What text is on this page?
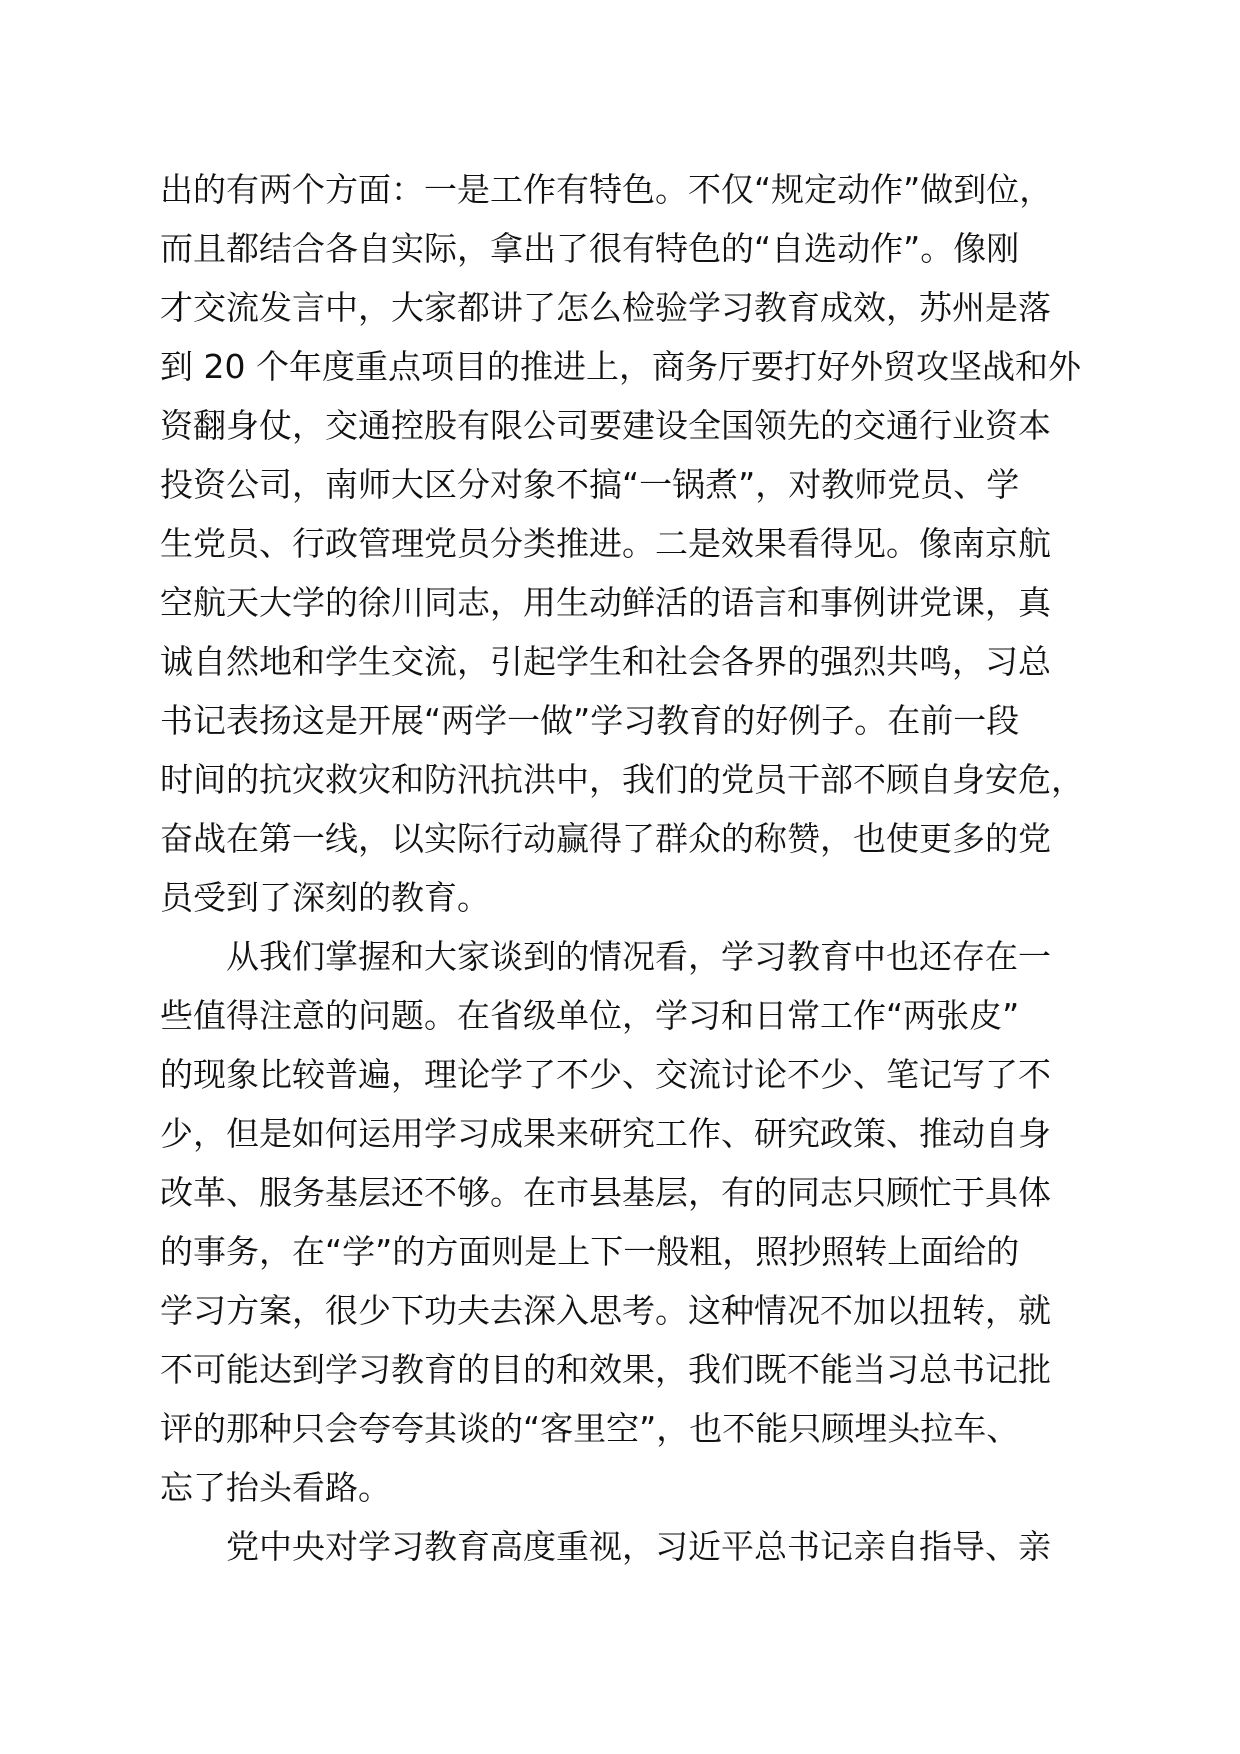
出的有两个方面：一是工作有特色。不仅“规定动作”做到位，
而且都结合各自实际，拿出了很有特色的“自选动作”。像刚
才交流发言中，大家都讲了怎么检验学习教育成效，苏州是落
到 20 个年度重点项目的推进上，商务厅要打好外贸攻坚战和外
资翻身仗，交通控股有限公司要建设全国领先的交通行业资本
投资公司，南师大区分对象不搞“一锅煮”，对教师党员、学
生党员、行政管理党员分类推进。二是效果看得见。像南京航
空航天大学的徐川同志，用生动鲜活的语言和事例讲党课，真
诚自然地和学生交流，引起学生和社会各界的强烈共鸣，习总
书记表扬这是开展“两学一做”学习教育的好例子。在前一段
时间的抗灾救灾和防汛抗洪中，我们的党员干部不顾自身安危，
奋战在第一线，以实际行动赢得了群众的称赞，也使更多的党
员受到了深刻的教育。
　　从我们掌握和大家谈到的情况看，学习教育中也还存在一
些值得注意的问题。在省级单位，学习和日常工作“两张皮”
的现象比较普遍，理论学了不少、交流讨论不少、笔记写了不
少，但是如何运用学习成果来研究工作、研究政策、推动自身
改革、服务基层还不够。在市县基层，有的同志只顾忙于具体
的事务，在“学”的方面则是上下一般粗，照抄照转上面给的
学习方案，很少下功夫去深入思考。这种情况不加以扭转，就
不可能达到学习教育的目的和效果，我们既不能当习总书记批
评的那种只会夸夸其谈的“客里空”，也不能只顾埋头拉车、
忘了抬头看路。
　　党中央对学习教育高度重视，习近平总书记亲自指导、亲
